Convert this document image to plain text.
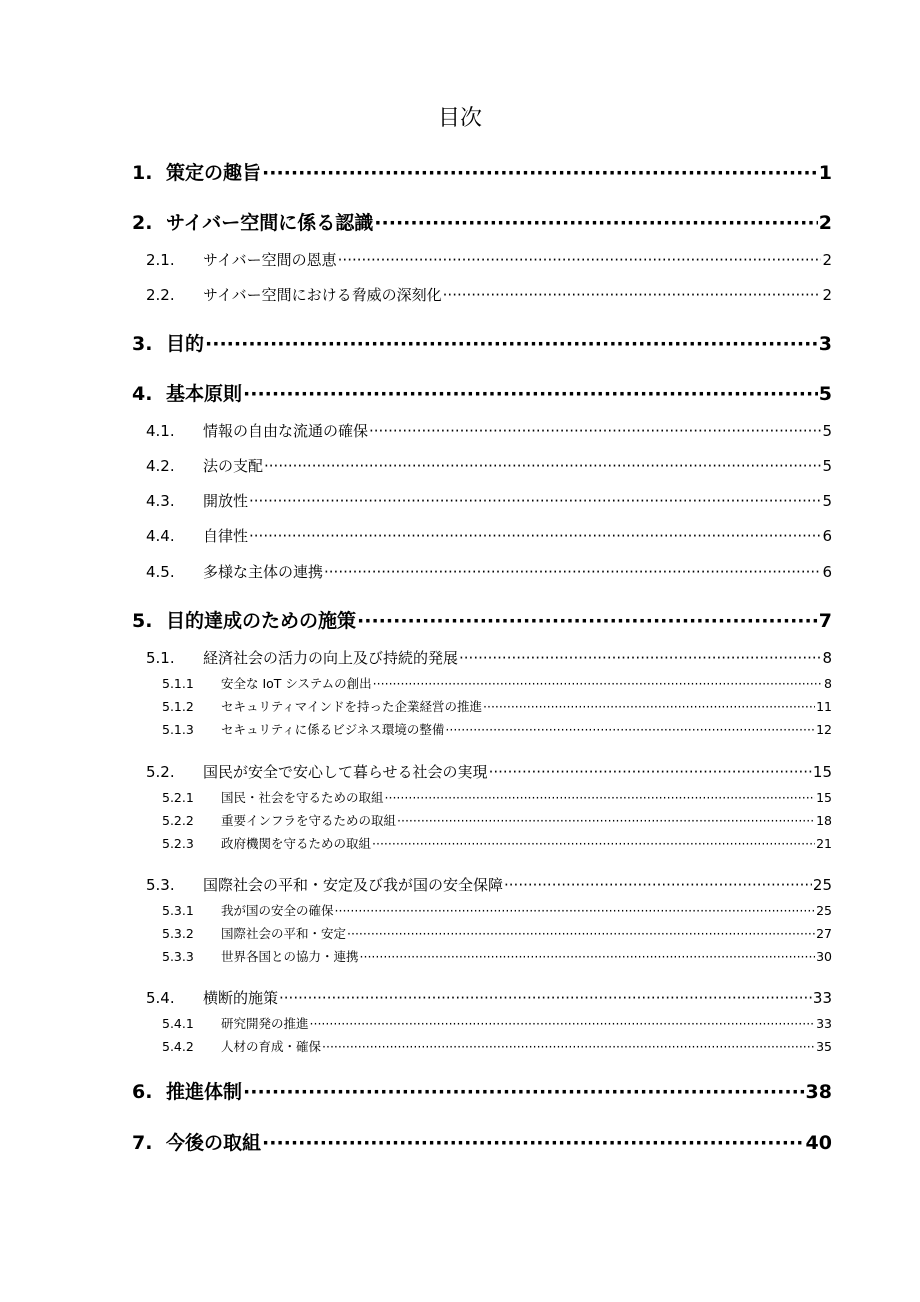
目次
1. 策定の趣旨 ·····	1
2. サイバー空間に係る認識 ·····	2
2.1.	サイバー空間の恩恵 ·····	2
2.2.	サイバー空間における脅威の深刻化 ·····	2
3. 目的 ·····	3
4. 基本原則 ·····	5
4.1.	情報の自由な流通の確保 ·····	5
4.2.	法の支配 ·····	5
4.3.	開放性 ·····	5
4.4.	自律性 ·····	6
4.5.	多様な主体の連携 ·····	6
5. 目的達成のための施策 ·····	7
5.1.	経済社会の活力の向上及び持続的発展 ·····	8
5.1.1	安全な IoT システムの創出 ·····	8
5.1.2	セキュリティマインドを持った企業経営の推進 ·····	11
5.1.3	セキュリティに係るビジネス環境の整備 ·····	12
5.2.	国民が安全で安心して暮らせる社会の実現 ·····	15
5.2.1	国民・社会を守るための取組 ·····	15
5.2.2	重要インフラを守るための取組 ·····	18
5.2.3	政府機関を守るための取組 ·····	21
5.3.	国際社会の平和・安定及び我が国の安全保障 ·····	25
5.3.1	我が国の安全の確保 ·····	25
5.3.2	国際社会の平和・安定 ·····	27
5.3.3	世界各国との協力・連携 ·····	30
5.4.	横断的施策 ·····	33
5.4.1	研究開発の推進 ·····	33
5.4.2	人材の育成・確保 ·····	35
6. 推進体制 ·····	38
7. 今後の取組 ·····	40
